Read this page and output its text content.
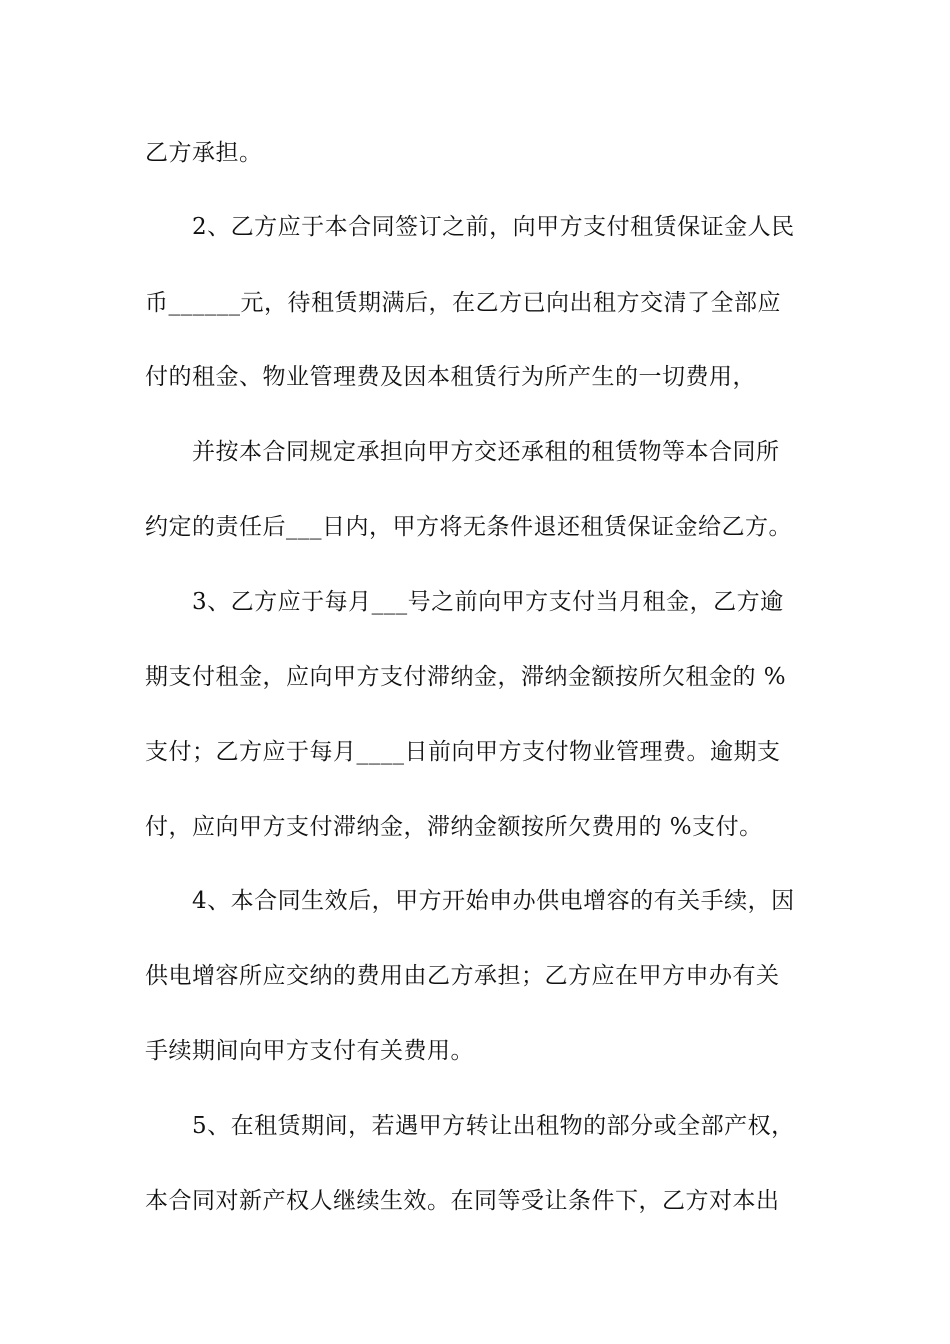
乙方承担。
2、乙方应于本合同签订之前，向甲方支付租赁保证金人民
币______元，待租赁期满后，在乙方已向出租方交清了全部应
付的租金、物业管理费及因本租赁行为所产生的一切费用，
并按本合同规定承担向甲方交还承租的租赁物等本合同所
约定的责任后___日内，甲方将无条件退还租赁保证金给乙方。
3、乙方应于每月___号之前向甲方支付当月租金，乙方逾
期支付租金，应向甲方支付滞纳金，滞纳金额按所欠租金的 %
支付；乙方应于每月____日前向甲方支付物业管理费。逾期支
付，应向甲方支付滞纳金，滞纳金额按所欠费用的 %支付。
4、本合同生效后，甲方开始申办供电增容的有关手续，因
供电增容所应交纳的费用由乙方承担；乙方应在甲方申办有关
手续期间向甲方支付有关费用。
5、在租赁期间，若遇甲方转让出租物的部分或全部产权，
本合同对新产权人继续生效。在同等受让条件下，乙方对本出
